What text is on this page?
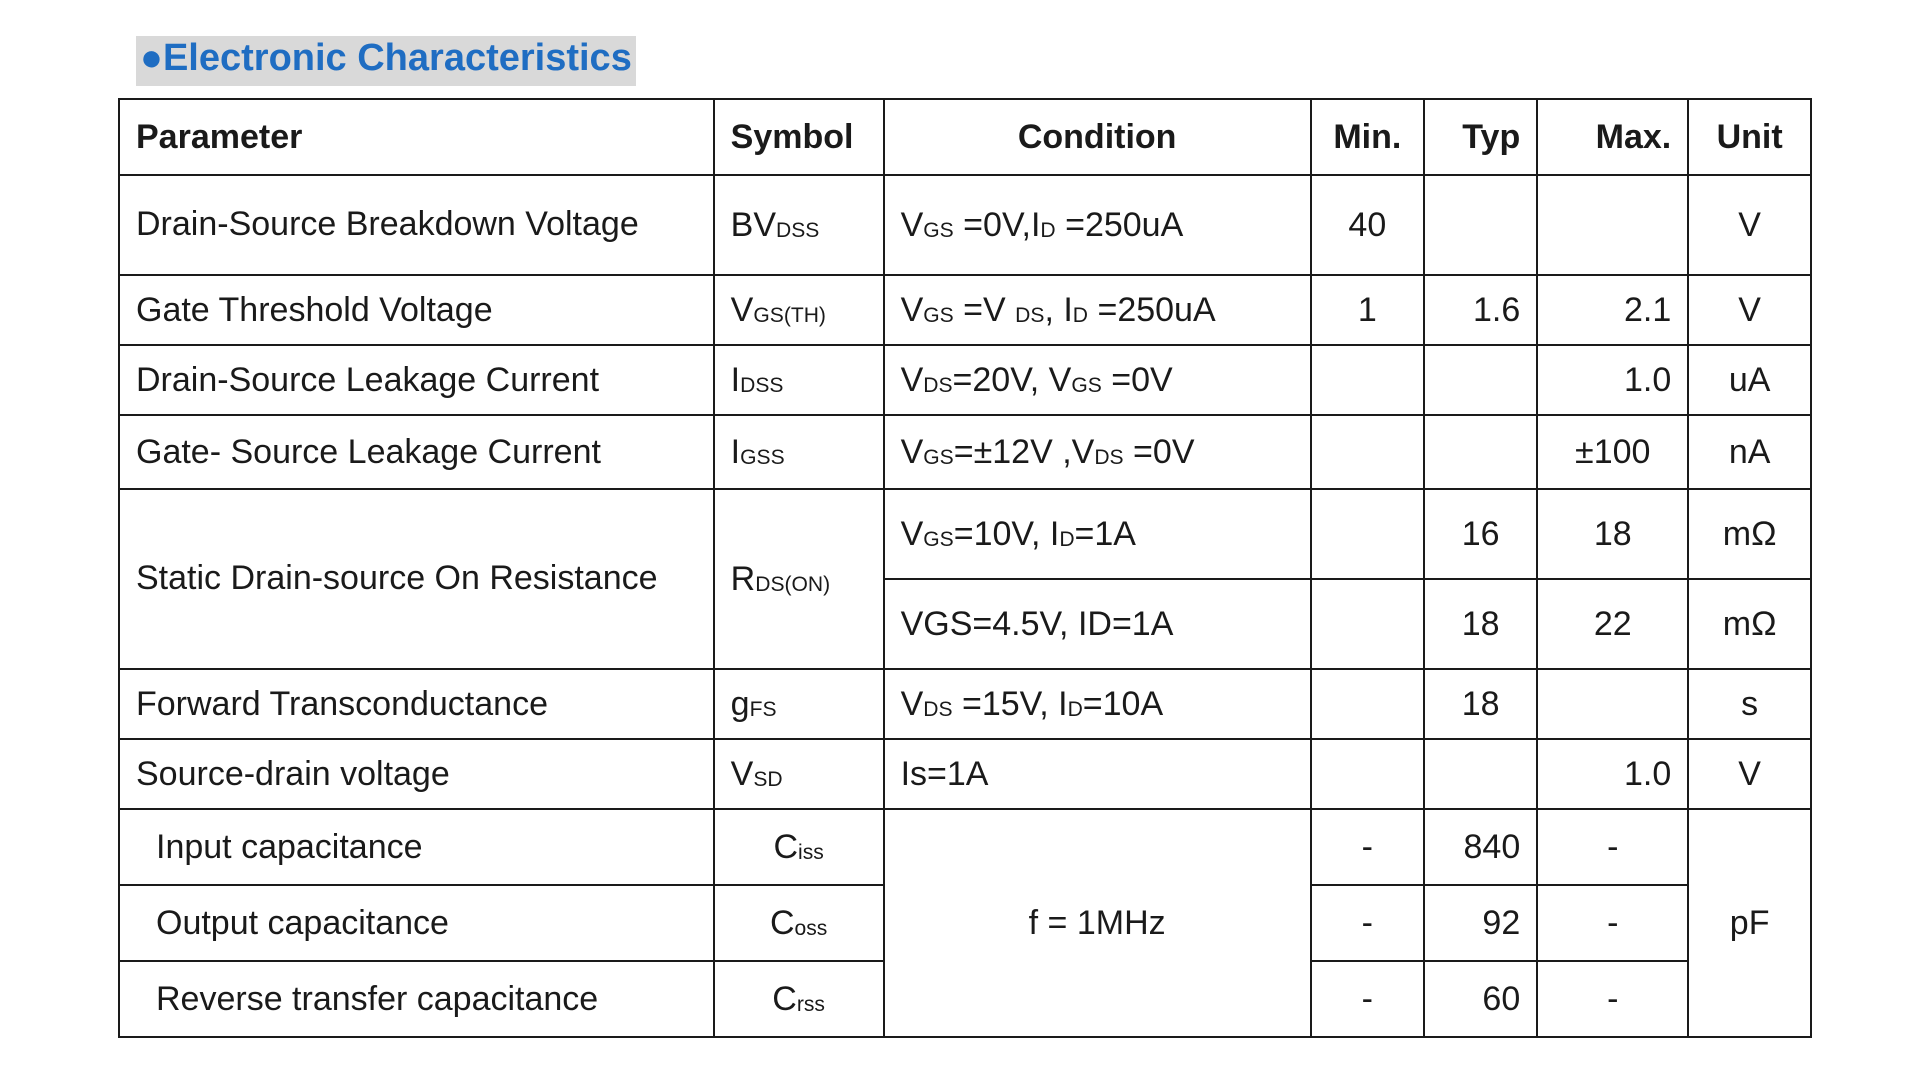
●Electronic Characteristics
Parameter	Symbol	Condition	Min.	Typ	Max.	Unit
Drain-Source Breakdown Voltage	$BV_{DSS}$	$V_{GS} =0V,I_D =250uA$	40			V
Gate Threshold Voltage	$V_{GS(TH)}$	$V_{GS} =V$ $_{DS}$, $I_D =250uA$	1	1.6	2.1	V
Drain-Source Leakage Current	$I_{DSS}$	$V_{DS}=20V$, $V_{GS} =0V$			1.0	uA
Gate- Source Leakage Current	$I_{GSS}$	$V_{GS}=\pm 12V$ $,V_{DS} =0V$			±100	nA
Static Drain-source On Resistance	$R_{DS(ON)}$	$V_{GS}=10V$, $I_D=1A$		16	18	mΩ
		VGS=4.5V, ID=1A		18	22	mΩ
Forward Transconductance	$g_{FS}$	$V_{DS} =15V$, $I_D=10A$		18		s
Source-drain voltage	$V_{SD}$	Is=1A			1.0	V
Input capacitance	$C_{iss}$	f = 1MHz	-	840	-	pF
Output capacitance	$C_{oss}$		-	92	-	
Reverse transfer capacitance	$C_{rss}$		-	60	-	
